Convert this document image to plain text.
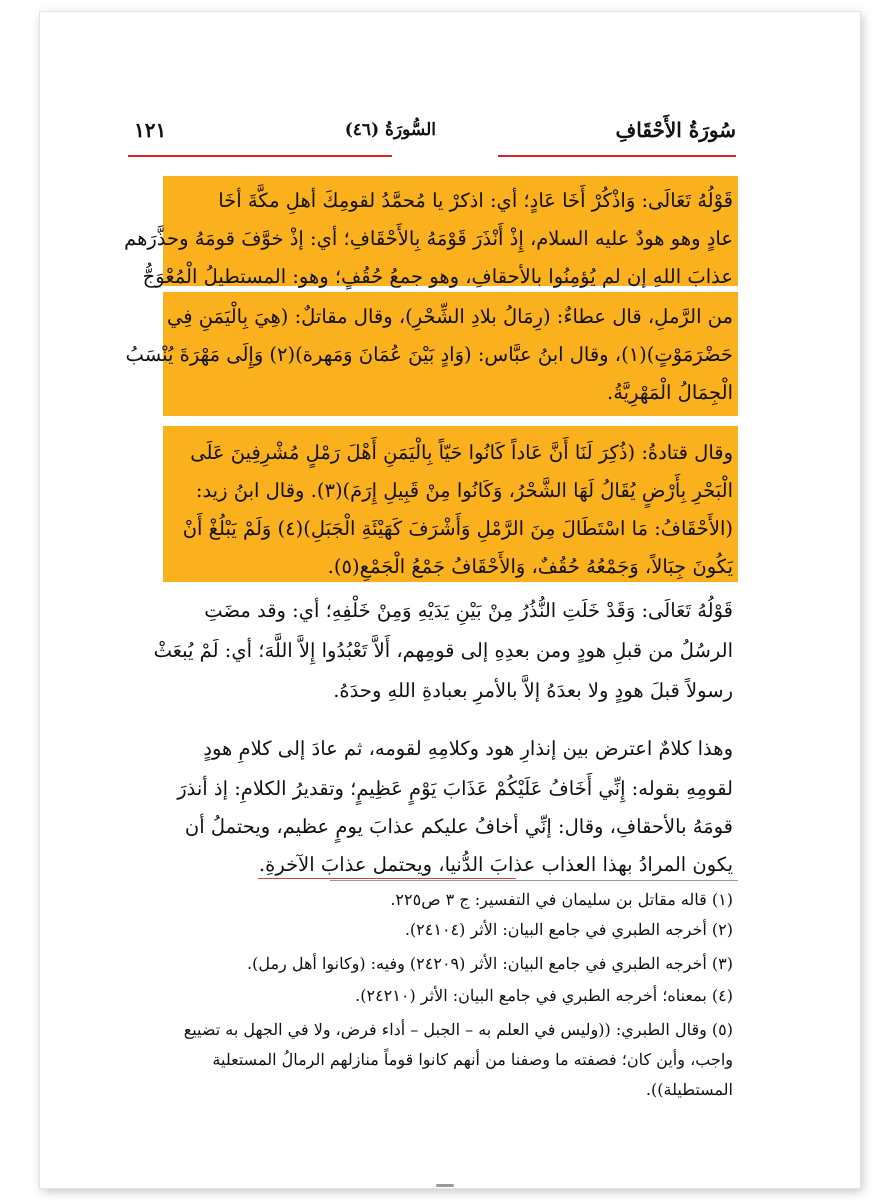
سُورَةُ الأَحْقَافِ
السُّورَةُ (٤٦)
١٢١
قَوْلُهُ تَعَالَى: وَاذْكُرْ أَخَا عَادٍ؛ أي: اذكرْ يا مُحمَّدُ لقومِكَ أهلِ مكَّةَ أخَا
عادٍ وهو هودٌ عليه السلام، إِذْ أَنْذَرَ قَوْمَهُ بِالأَحْقَافِ؛ أي: إذْ خوَّفَ قومَهُ وحذَّرَهم
عذابَ اللهِ إن لم يُؤمِنُوا بالأحقافِ، وهو جمعُ حُقُفٍ؛ وهو: المستطيلُ الْمُعْوَجُّ
من الرَّملِ، قال عطاءٌ: (رِمَالُ بلادِ الشِّحْرِ)، وقال مقاتلٌ: (هِيَ بِالْيَمَنِ فِي
حَضْرَمَوْتٍ)(١)، وقال ابنُ عبَّاس: (وَادٍ بَيْنَ عُمَانَ وَمَهرة)(٢) وَإِلَى مَهْرَةَ يُنْسَبُ
الْجِمَالُ الْمَهْرِيَّةُ.
وقال قتادةُ: (ذُكِرَ لَنَا أَنَّ عَاداً كَانُوا حَيّاً بِالْيَمَنِ أَهْلَ رَمْلٍ مُشْرِفِينَ عَلَى
الْبَحْرِ بِأَرْضٍ يُقَالُ لَهَا الشَّحْرُ، وَكَانُوا مِنْ قَبِيلِ إِرَمَ)(٣). وقال ابنُ زيد:
(الأَحْقَافُ: مَا اسْتَطَالَ مِنَ الرَّمْلِ وَأَشْرَفَ كَهَيْئَةِ الْجَبَلِ)(٤) وَلَمْ يَبْلُغْ أَنْ
يَكُونَ جِبَالاً، وَجَمْعُهُ حُقُفٌ، وَالأَحْقَافُ جَمْعُ الْجَمْعِ(٥).
قَوْلُهُ تَعَالَى: وَقَدْ خَلَتِ النُّذُرُ مِنْ بَيْنِ يَدَيْهِ وَمِنْ خَلْفِهِ؛ أي: وقد مضَتِ
الرسُلُ من قبلِ هودٍ ومن بعدِهِ إلى قومِهم، أَلاَّ تَعْبُدُوا إِلاَّ اللَّهَ؛ أي: لَمْ يُبعَثْ
رسولاً قبلَ هودٍ ولا بعدَهُ إلاَّ بالأمرِ بعبادةِ اللهِ وحدَهُ.
وهذا كلامٌ اعترض بين إنذارِ هود وكلامِهِ لقومه، ثم عادَ إلى كلامِ هودٍ
لقومِهِ بقوله: إِنِّي أَخَافُ عَلَيْكُمْ عَذَابَ يَوْمٍ عَظِيمٍ؛ وتقديرُ الكلامِ: إذ أنذرَ
قومَهُ بالأحقافِ، وقال: إنِّي أخافُ عليكم عذابَ يومٍ عظيم، ويحتملُ أن
يكون المرادُ بهذا العذاب عذابَ الدُّنيا، ويحتمل عذابَ الآخرةِ.
(١) قاله مقاتل بن سليمان في التفسير: ج ٣ ص٢٢٥.
(٢) أخرجه الطبري في جامع البيان: الأثر (٢٤١٠٤).
(٣) أخرجه الطبري في جامع البيان: الأثر (٢٤٢٠٩) وفيه: (وكانوا أهل رمل).
(٤) بمعناه؛ أخرجه الطبري في جامع البيان: الأثر (٢٤٢١٠).
(٥) وقال الطبري: ((وليس في العلم به – الجبل – أداء فرض، ولا في الجهل به تضييع
واجب، وأين كان؛ فصفته ما وصفنا من أنهم كانوا قوماً منازلهم الرمالُ المستعلية
المستطيلة)).
